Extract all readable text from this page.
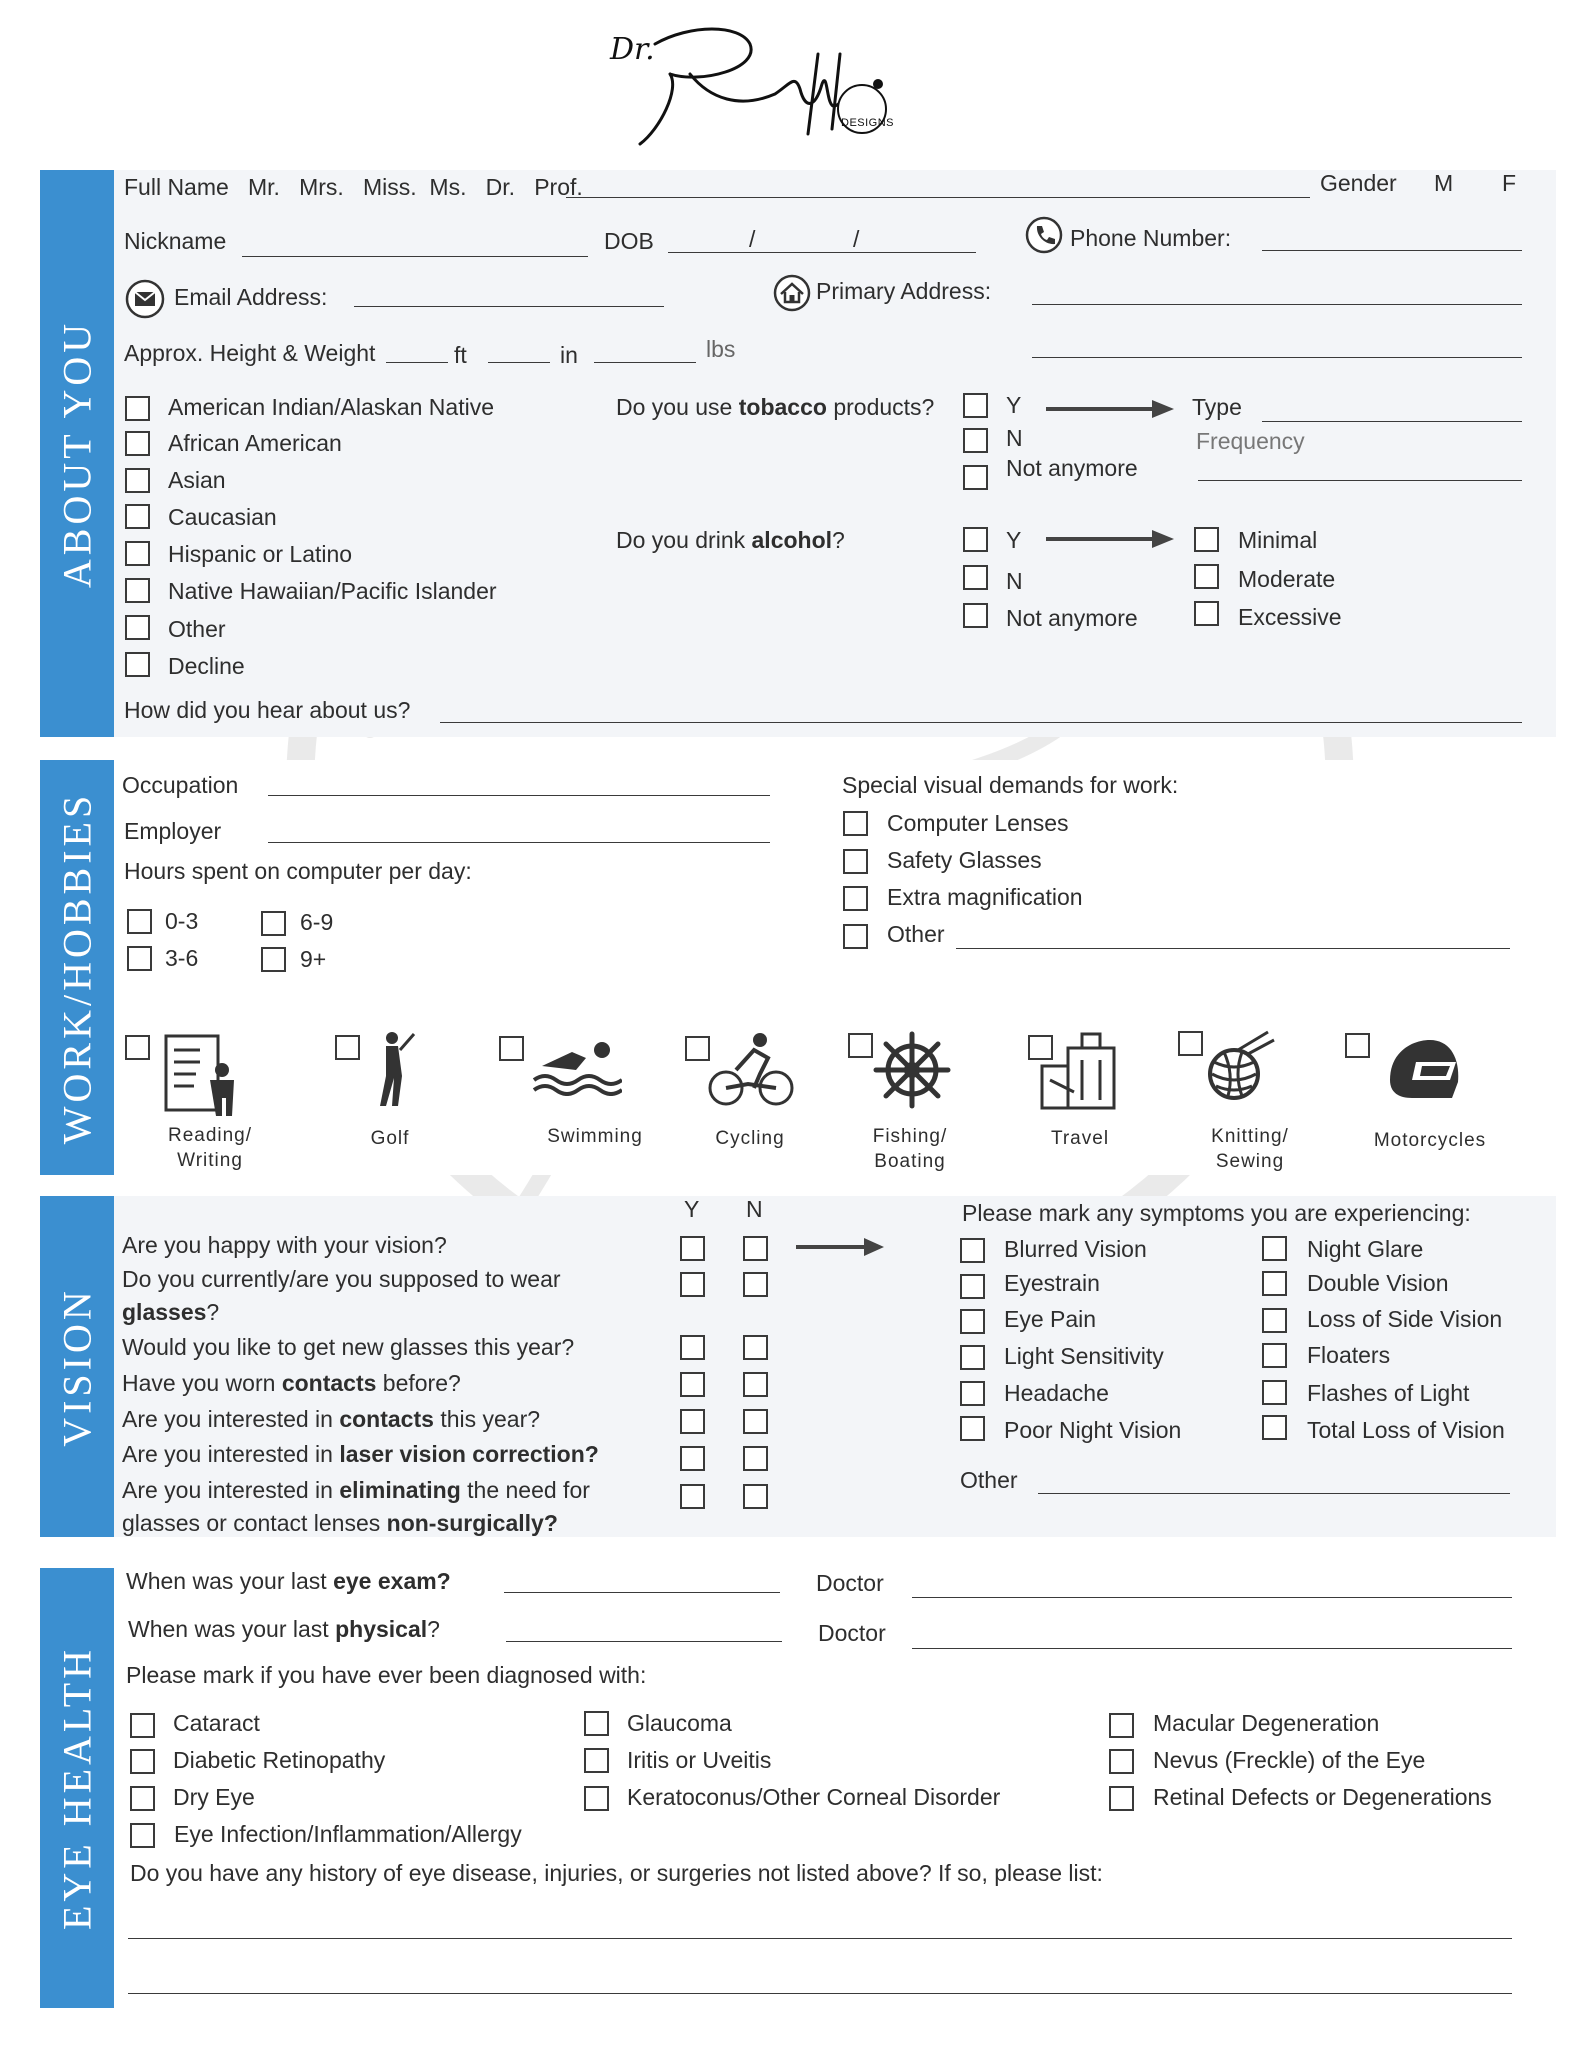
Dr.
DESIGNS
ABOUT YOU
Full Name Mr.   Mrs.   Miss.  Ms.   Dr.   Prof.	Gender M F
Nickname	DOB	/	/	Phone Number:
Email Address:	Primary Address:
Approx. Height & Weight	ft	in	lbs
American Indian/Alaskan Native
African American
Asian
Caucasian
Hispanic or Latino
Native Hawaiian/Pacific Islander
Other
Decline
Do you use tobacco products?	Y
N
Not anymore
Type
Frequency
Do you drink alcohol?	Y
N
Not anymore
Minimal
Moderate
Excessive
How did you hear about us?
WORK/HOBBIES
Occupation
Employer
Hours spent on computer per day:
0-3
3-6
6-9
9+
Special visual demands for work:
Computer Lenses
Safety Glasses
Extra magnification
Other
Reading/ Writing
Golf	Swimming	Cycling	Fishing/ Boating
Travel	Knitting/ Sewing
Motorcycles
VISION
Y N
Are you happy with your vision?
Do you currently/are you supposed to wear
glasses?
Would you like to get new glasses this year?
Have you worn contacts before?
Are you interested in contacts this year?
Are you interested in laser vision correction?
Are you interested in eliminating the need for
glasses or contact lenses non-surgically?
Please mark any symptoms you are experiencing:
Blurred Vision
Eyestrain
Eye Pain
Light Sensitivity
Headache
Poor Night Vision
Night Glare
Double Vision
Loss of Side Vision
Floaters
Flashes of Light
Total Loss of Vision
Other
EYE HEALTH
When was your last eye exam?	Doctor
When was your last physical?	Doctor
Please mark if you have ever been diagnosed with:
Cataract
Diabetic Retinopathy
Dry Eye
Eye Infection/Inflammation/Allergy
Glaucoma
Iritis or Uveitis
Keratoconus/Other Corneal Disorder
Macular Degeneration
Nevus (Freckle) of the Eye
Retinal Defects or Degenerations
Do you have any history of eye disease, injuries, or surgeries not listed above? If so, please list:
